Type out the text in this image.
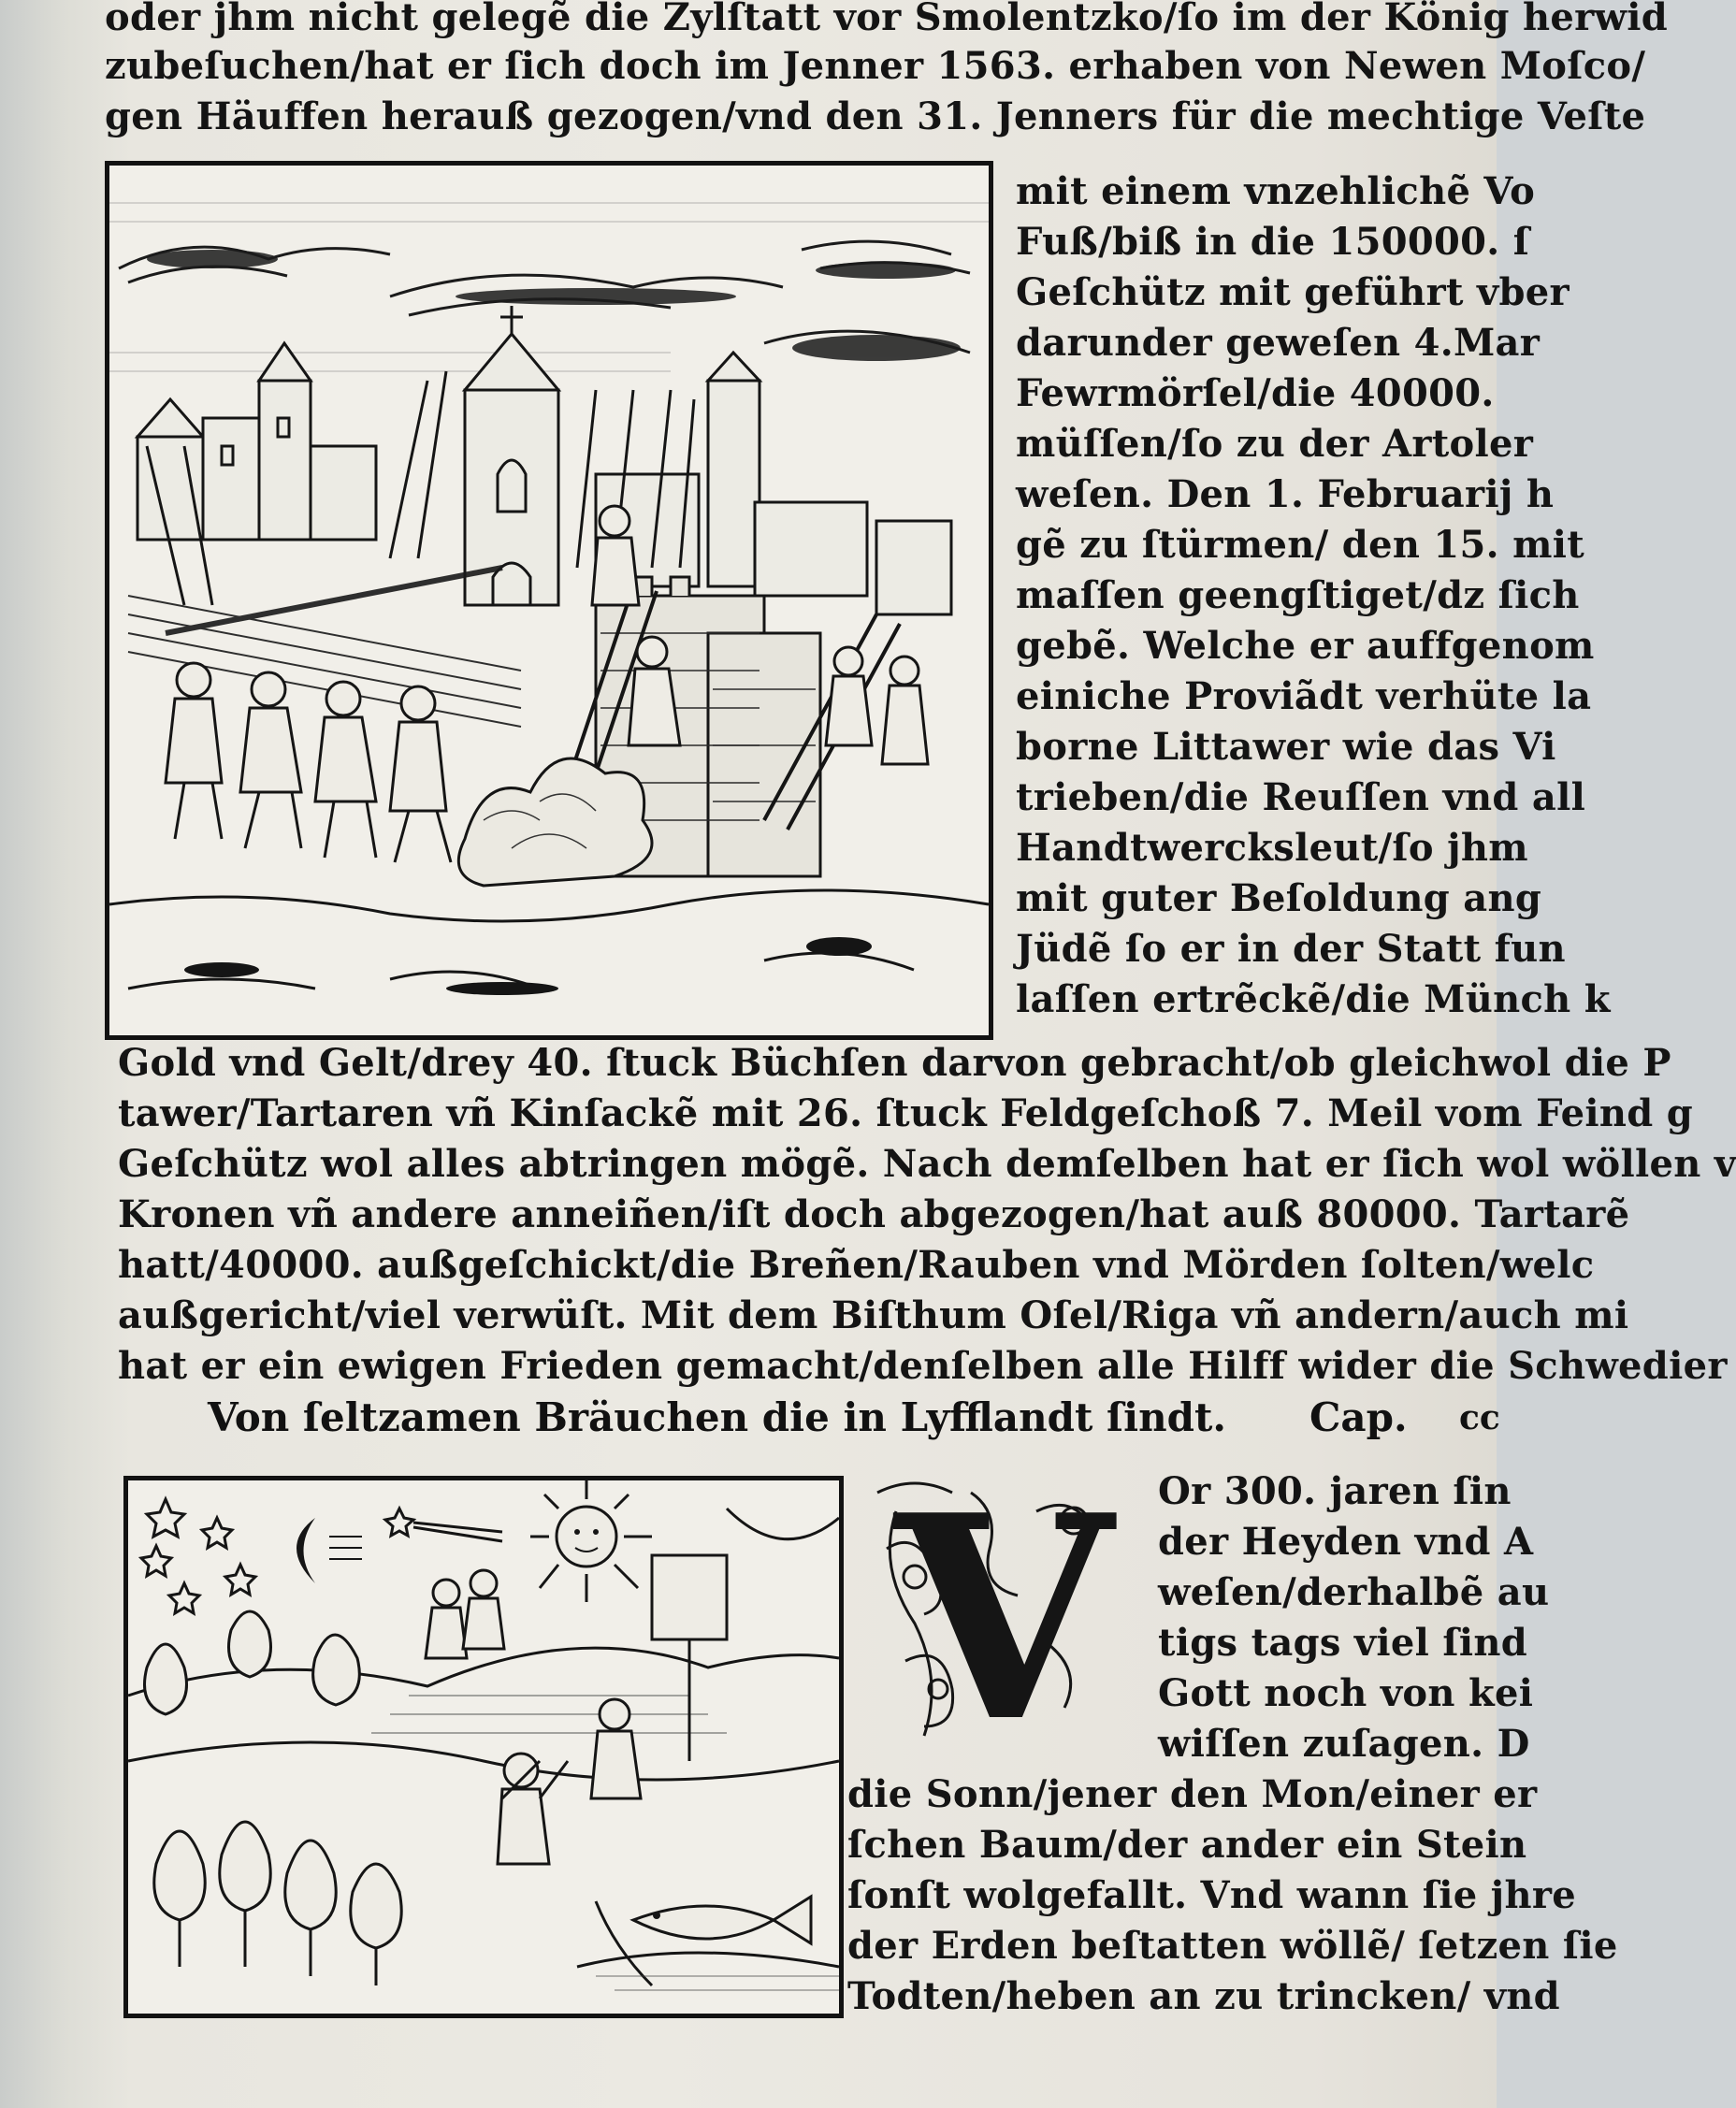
oder jhm nicht gelegẽ die Zylſtatt vor Smolentzko/ſo im der König herwid

zubeſuchen/hat er ſich doch im Jenner 1563. erhaben von Newen Moſco/

gen Häuffen herauß gezogen/vnd den 31. Jenners für die mechtige Veſte

mit einem vnzehlichẽ Vo

Fuß/biß in die 150000. ſ

Geſchütz mit geführt vber

darunder geweſen 4.Mar

Fewrmörſel/die 40000.

müſſen/ſo zu der Artoler

weſen. Den 1. Februarij h

gẽ zu ſtürmen/ den 15. mit

maſſen geengſtiget/dz ſich

gebẽ. Welche er auffgenom

einiche Proviãdt verhüte la

borne Littawer wie das Vi

trieben/die Reuſſen vnd all

Handtwercksleut/ſo jhm

mit guter Beſoldung ang

Jüdẽ ſo er in der Statt fun

laſſen ertrẽckẽ/die Münch k

Gold vnd Gelt/drey 40. ſtuck Büchſen darvon gebracht/ob gleichwol die P

tawer/Tartaren vñ Kinſackẽ mit 26. ſtuck Feldgeſchoß 7. Meil vom Feind g

Geſchütz wol alles abtringen mögẽ. Nach demſelben hat er ſich wol wöllen v

Kronen vñ andere anneiñen/iſt doch abgezogen/hat auß 80000. Tartarẽ

hatt/40000. außgeſchickt/die Breñen/Rauben vnd Mörden ſolten/welc

außgericht/viel verwüſt. Mit dem Biſthum Oſel/Riga vñ andern/auch mi

hat er ein ewigen Frieden gemacht/denſelben alle Hilff wider die Schwedier

Von ſeltzamen Bräuchen die in Lyfflandt ſindt. Cap. cc
V Or 300. jaren ſin

der Heyden vnd A

weſen/derhalbẽ au

tigs tags viel ſind

Gott noch von kei

wiſſen zuſagen. D

die Sonn/jener den Mon/einer er

ſchen Baum/der ander ein Stein

ſonſt wolgefallt. Vnd wann ſie jhre

der Erden beſtatten wöllẽ/ ſetzen ſie

Todten/heben an zu trincken/ vnd
